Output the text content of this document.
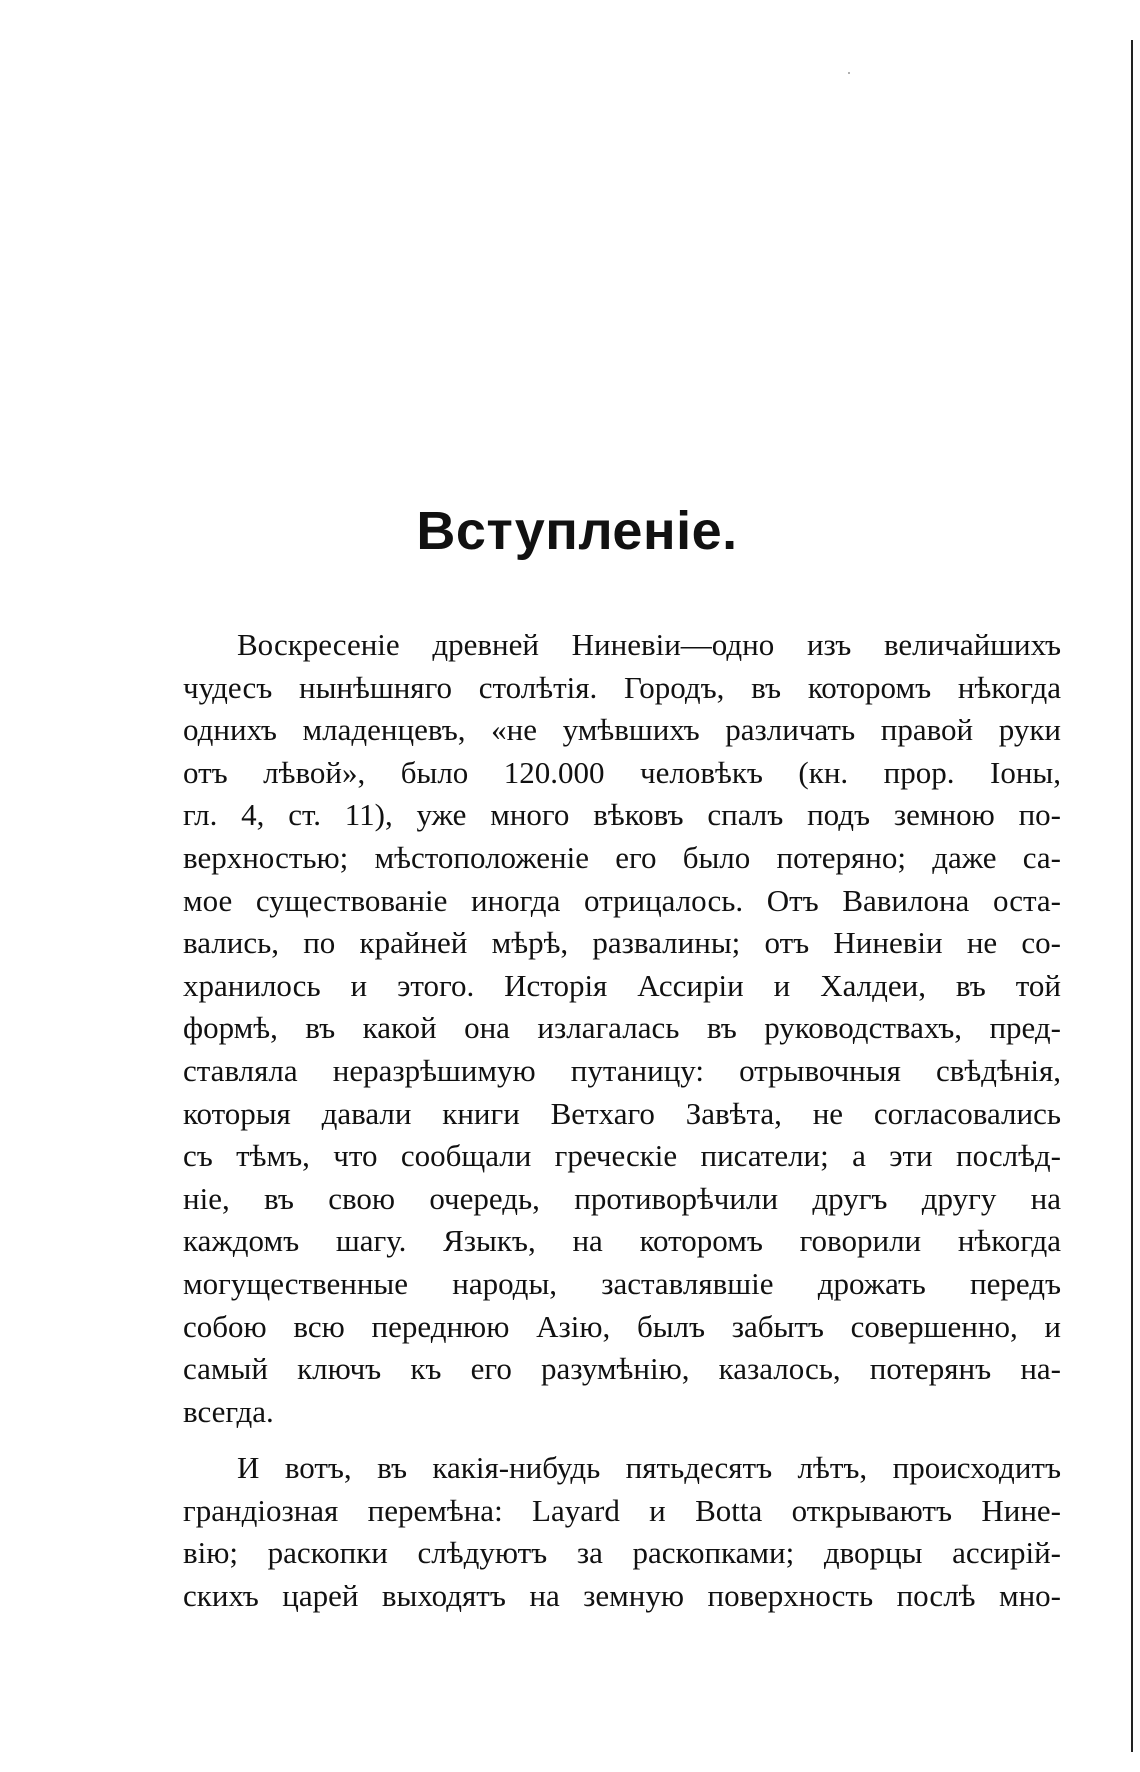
Вступленіе.
Воскресеніе древней Ниневіи—одно изъ величайшихъ
чудесъ нынѣшняго столѣтія. Городъ, въ которомъ нѣкогда
однихъ младенцевъ, «не умѣвшихъ различать правой руки
отъ лѣвой», было 120.000 человѣкъ (кн. прор. Іоны,
гл. 4, ст. 11), уже много вѣковъ спалъ подъ земною по-
верхностью; мѣстоположеніе его было потеряно; даже са-
мое существованіе иногда отрицалось. Отъ Вавилона оста-
вались, по крайней мѣрѣ, развалины; отъ Ниневіи не со-
хранилось и этого. Исторія Ассиріи и Халдеи, въ той
формѣ, въ какой она излагалась въ руководствахъ, пред-
ставляла неразрѣшимую путаницу: отрывочныя свѣдѣнія,
которыя давали книги Ветхаго Завѣта, не согласовались
съ тѣмъ, что сообщали греческіе писатели; а эти послѣд-
ніе, въ свою очередь, противорѣчили другъ другу на
каждомъ шагу. Языкъ, на которомъ говорили нѣкогда
могущественные народы, заставлявшіе дрожать передъ
собою всю переднюю Азію, былъ забытъ совершенно, и
самый ключъ къ его разумѣнію, казалось, потерянъ на-
всегда.
И вотъ, въ какія-нибудь пятьдесятъ лѣтъ, происходитъ
грандіозная перемѣна: Layard и Botta открываютъ Нине-
вію; раскопки слѣдуютъ за раскопками; дворцы ассирій-
скихъ царей выходятъ на земную поверхность послѣ мно-
